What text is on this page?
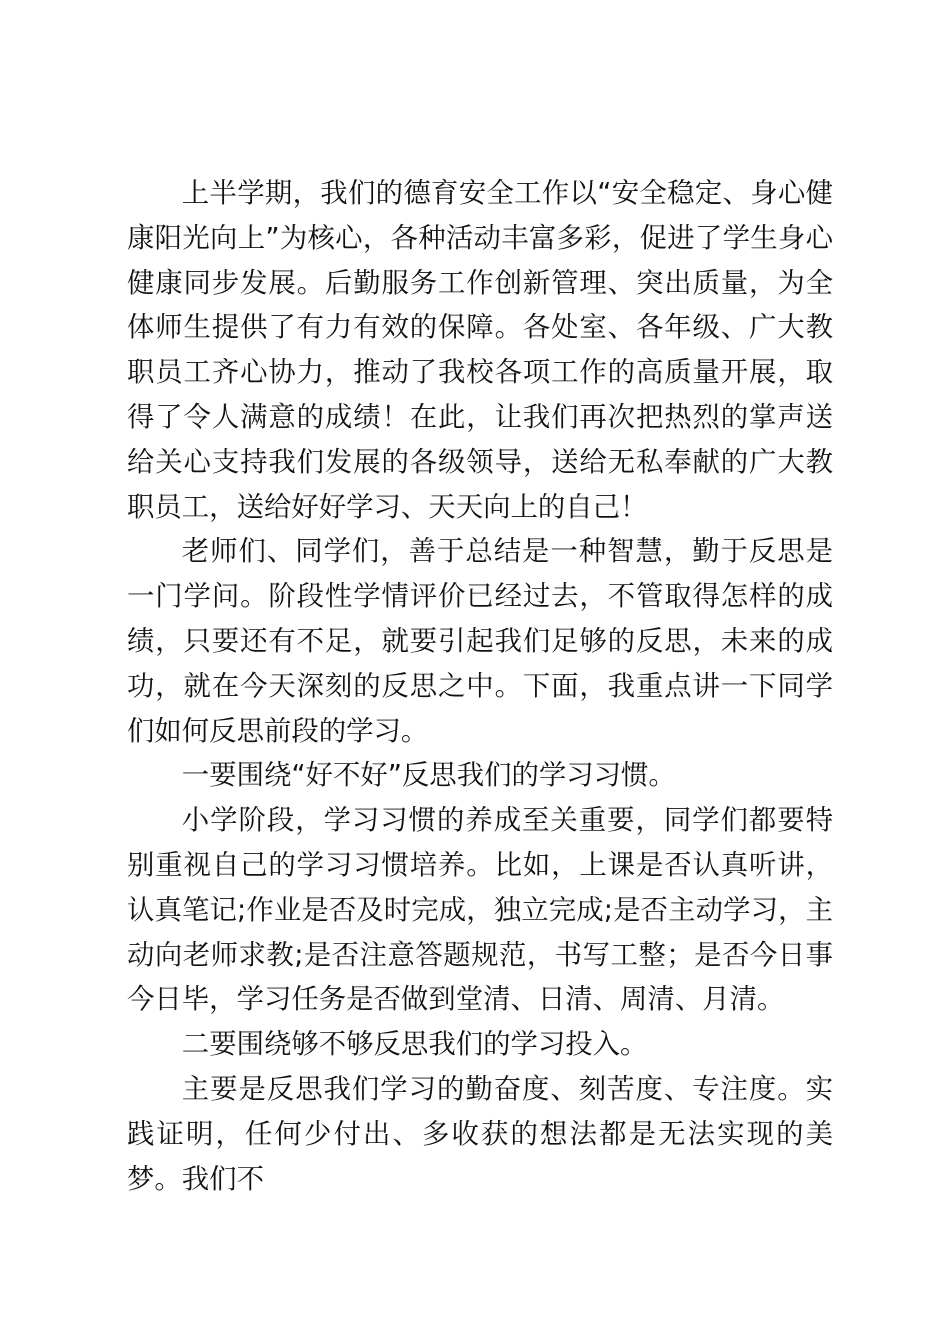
上半学期，我们的德育安全工作以“安全稳定、身心健康阳光向上”为核心，各种活动丰富多彩，促进了学生身心健康同步发展。后勤服务工作创新管理、突出质量，为全体师生提供了有力有效的保障。各处室、各年级、广大教职员工齐心协力，推动了我校各项工作的高质量开展，取得了令人满意的成绩！在此，让我们再次把热烈的掌声送给关心支持我们发展的各级领导，送给无私奉献的广大教职员工，送给好好学习、天天向上的自己！

老师们、同学们，善于总结是一种智慧，勤于反思是一门学问。阶段性学情评价已经过去，不管取得怎样的成绩，只要还有不足，就要引起我们足够的反思，未来的成功，就在今天深刻的反思之中。下面，我重点讲一下同学们如何反思前段的学习。

一要围绕“好不好”反思我们的学习习惯。

小学阶段，学习习惯的养成至关重要，同学们都要特别重视自己的学习习惯培养。比如，上课是否认真听讲，认真笔记;作业是否及时完成，独立完成;是否主动学习，主动向老师求教;是否注意答题规范，书写工整；是否今日事今日毕，学习任务是否做到堂清、日清、周清、月清。

二要围绕够不够反思我们的学习投入。

主要是反思我们学习的勤奋度、刻苦度、专注度。实践证明，任何少付出、多收获的想法都是无法实现的美梦。我们不
